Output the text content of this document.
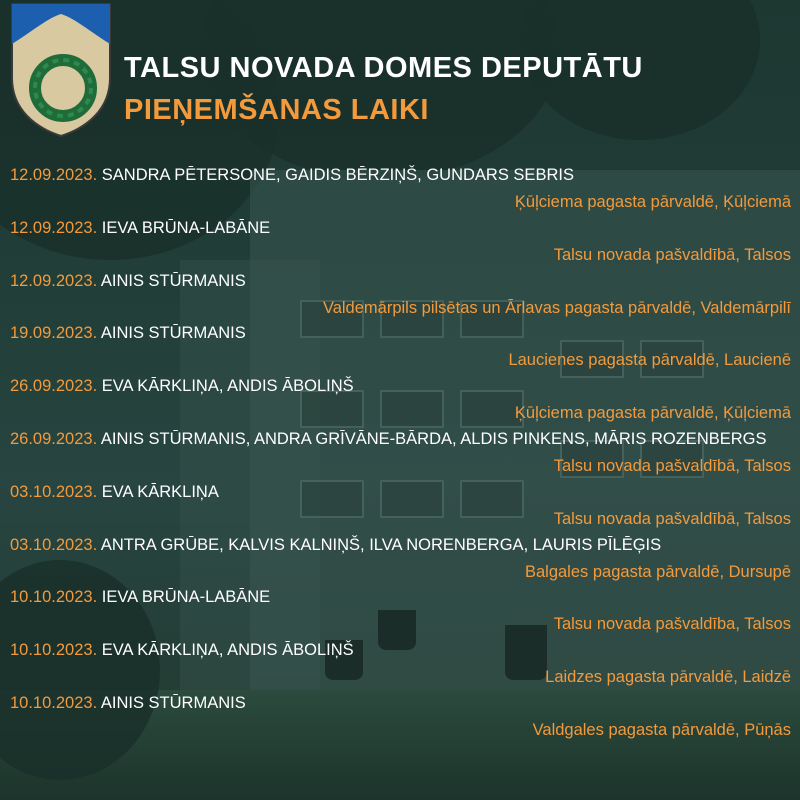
TALSU NOVADA DOMES DEPUTĀTU
PIEŅEMŠANAS LAIKI
12.09.2023. SANDRA PĒTERSONE, GAIDIS BĒRZIŅŠ, GUNDARS SEBRIS
Ķūļciema pagasta pārvaldē, Ķūļciemā
12.09.2023. IEVA BRŪNA-LABĀNE
Talsu novada pašvaldībā, Talsos
12.09.2023. AINIS STŪRMANIS
Valdemārpils pilsētas un Ārlavas pagasta pārvaldē, Valdemārpilī
19.09.2023. AINIS STŪRMANIS
Laucienes pagasta pārvaldē, Laucienē
26.09.2023. EVA KĀRKLIŅA, ANDIS ĀBOLIŅŠ
Ķūļciema pagasta pārvaldē, Ķūļciemā
26.09.2023. AINIS STŪRMANIS, ANDRA GRĪVĀNE-BĀRDA, ALDIS PINKENS, MĀRIS ROZENBERGS
Talsu novada pašvaldībā, Talsos
03.10.2023. EVA KĀRKLIŅA
Talsu novada pašvaldībā, Talsos
03.10.2023. ANTRA GRŪBE, KALVIS KALNIŅŠ, ILVA NORENBERGA, LAURIS PĪLĒĢIS
Balgales pagasta pārvaldē, Dursupē
10.10.2023. IEVA BRŪNA-LABĀNE
Talsu novada pašvaldība, Talsos
10.10.2023. EVA KĀRKLIŅA, ANDIS ĀBOLIŅŠ
Laidzes pagasta pārvaldē, Laidzē
10.10.2023. AINIS STŪRMANIS
Valdgales pagasta pārvaldē, Pūņās
